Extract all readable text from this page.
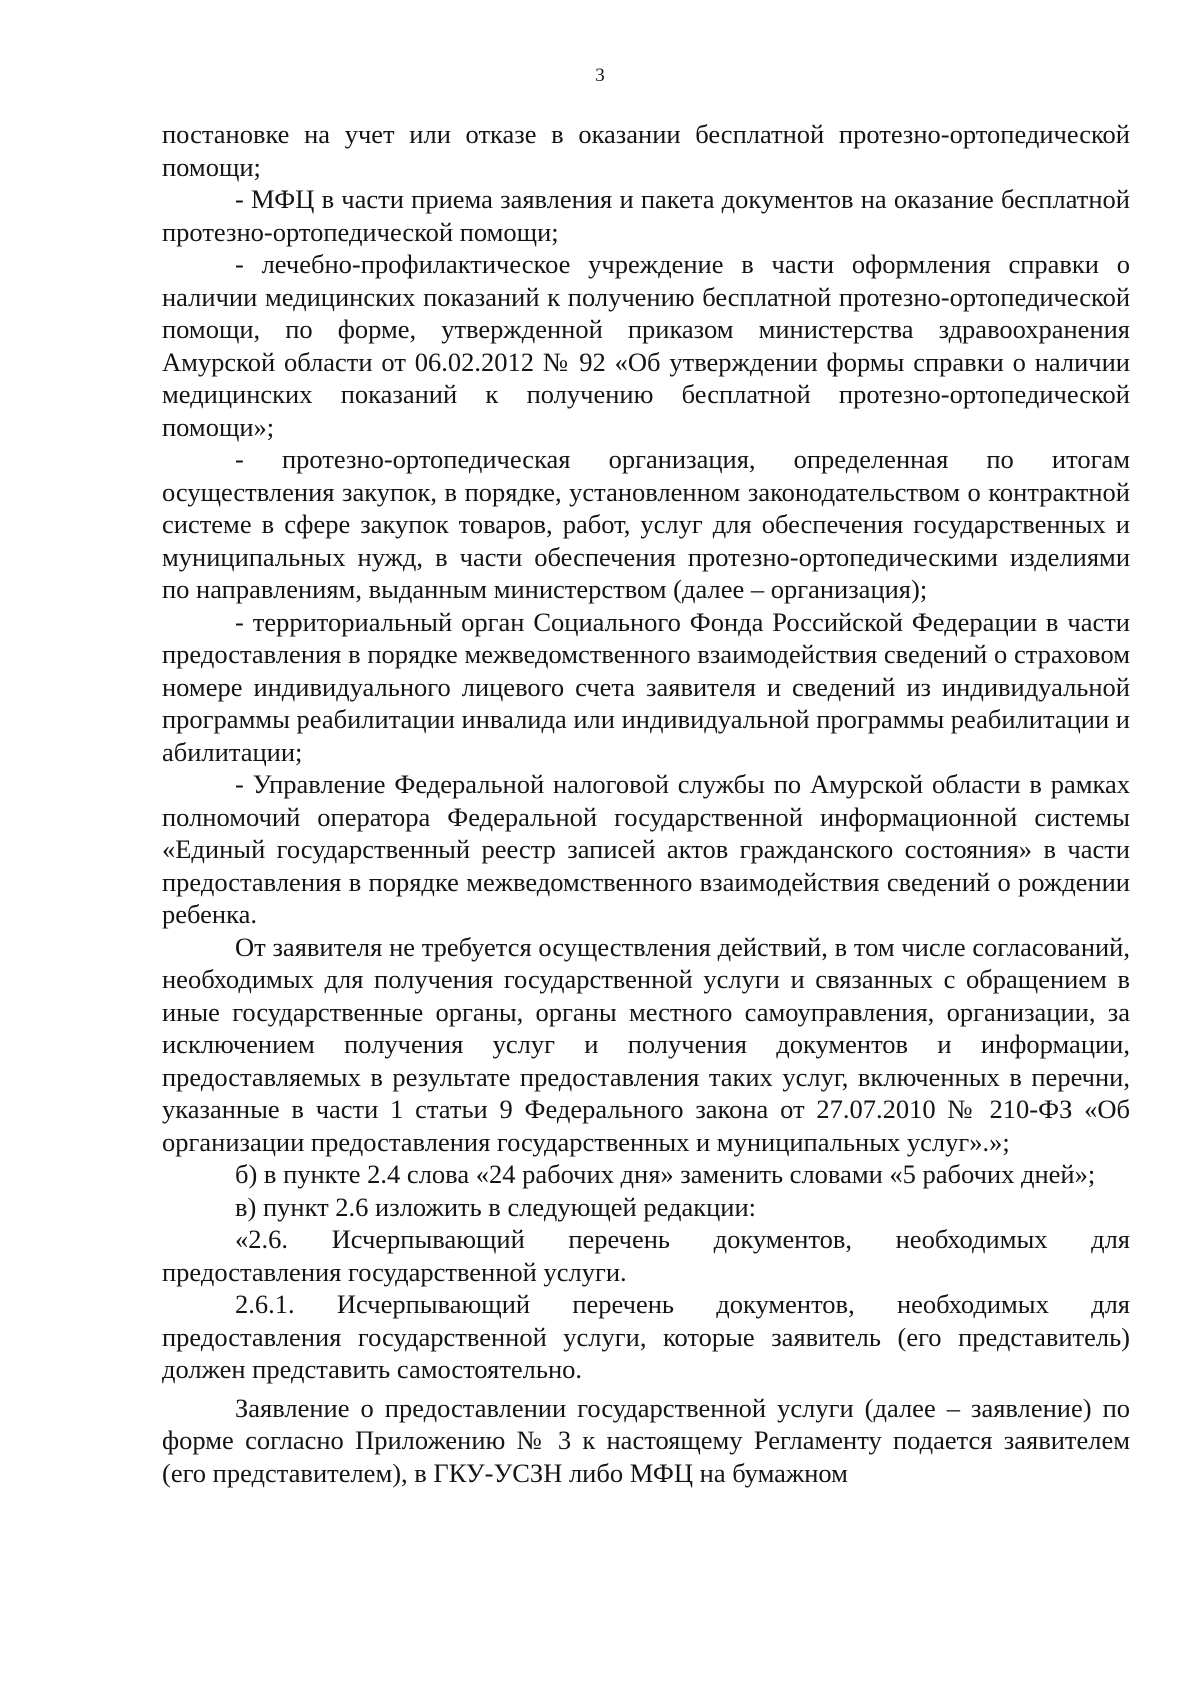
3

постановке на учет или отказе в оказании бесплатной протезно-ортопедической помощи;

- МФЦ в части приема заявления и пакета документов на оказание бесплатной протезно-ортопедической помощи;

- лечебно-профилактическое учреждение в части оформления справки о наличии медицинских показаний к получению бесплатной протезно-ортопедической помощи, по форме, утвержденной приказом министерства здравоохранения Амурской области от 06.02.2012 № 92 «Об утверждении формы справки о наличии медицинских показаний к получению бесплатной протезно-ортопедической помощи»;

- протезно-ортопедическая организация, определенная по итогам осуществления закупок, в порядке, установленном законодательством о контрактной системе в сфере закупок товаров, работ, услуг для обеспечения государственных и муниципальных нужд, в части обеспечения протезно-ортопедическими изделиями по направлениям, выданным министерством (далее – организация);

- территориальный орган Социального Фонда Российской Федерации в части предоставления в порядке межведомственного взаимодействия сведений о страховом номере индивидуального лицевого счета заявителя и сведений из индивидуальной программы реабилитации инвалида или индивидуальной программы реабилитации и абилитации;

- Управление Федеральной налоговой службы по Амурской области в рамках полномочий оператора Федеральной государственной информационной системы «Единый государственный реестр записей актов гражданского состояния» в части предоставления в порядке межведомственного взаимодействия сведений о рождении ребенка.

От заявителя не требуется осуществления действий, в том числе согласований, необходимых для получения государственной услуги и связанных с обращением в иные государственные органы, органы местного самоуправления, организации, за исключением получения услуг и получения документов и информации, предоставляемых в результате предоставления таких услуг, включенных в перечни, указанные в части 1 статьи 9 Федерального закона от 27.07.2010 № 210-ФЗ «Об организации предоставления государственных и муниципальных услуг».»;

б) в пункте 2.4 слова «24 рабочих дня» заменить словами «5 рабочих дней»;

в) пункт 2.6 изложить в следующей редакции:

«2.6. Исчерпывающий перечень документов, необходимых для предоставления государственной услуги.

2.6.1. Исчерпывающий перечень документов, необходимых для предоставления государственной услуги, которые заявитель (его представитель) должен представить самостоятельно.

Заявление о предоставлении государственной услуги (далее – заявление) по форме согласно Приложению № 3 к настоящему Регламенту подается заявителем (его представителем), в ГКУ-УСЗН либо МФЦ на бумажном
